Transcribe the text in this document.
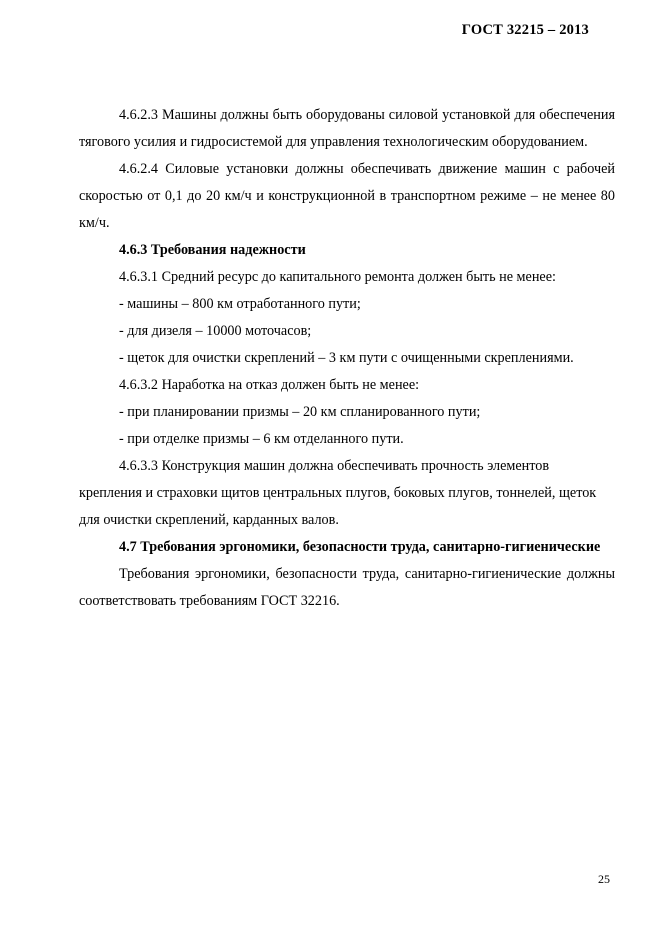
ГОСТ 32215 – 2013

4.6.2.3 Машины должны быть оборудованы силовой установкой для обеспечения тягового усилия и гидросистемой для управления технологическим оборудованием.

4.6.2.4 Силовые установки должны обеспечивать движение машин с рабочей скоростью от 0,1 до 20 км/ч и конструкционной в транспортном режиме – не менее 80 км/ч.

4.6.3 Требования надежности

4.6.3.1 Средний ресурс до капитального ремонта должен быть не менее:

- машины – 800 км отработанного пути;

- для дизеля – 10000 моточасов;

- щеток для очистки скреплений – 3 км пути с очищенными скреплениями.

4.6.3.2 Наработка на отказ должен быть не менее:

- при планировании призмы – 20 км спланированного пути;

- при отделке призмы – 6 км отделанного пути.

4.6.3.3 Конструкция машин должна обеспечивать прочность элементов крепления и страховки щитов центральных плугов, боковых плугов, тоннелей, щеток для очистки скреплений, карданных валов.

4.7 Требования эргономики, безопасности труда, санитарно-гигиенические

Требования эргономики, безопасности труда, санитарно-гигиенические должны соответствовать требованиям ГОСТ 32216.

25
